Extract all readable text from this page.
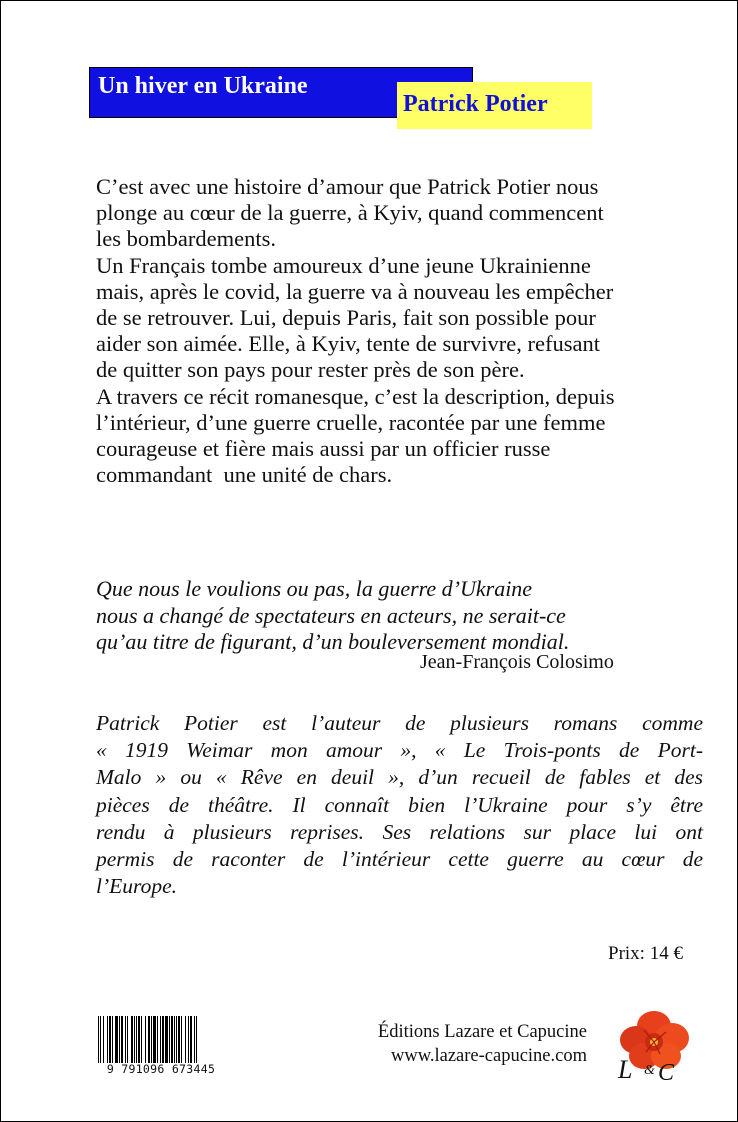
Un hiver en Ukraine
Patrick Potier
C’est avec une histoire d’amour que Patrick Potier nous
plonge au cœur de la guerre, à Kyiv, quand commencent
les bombardements.
Un Français tombe amoureux d’une jeune Ukrainienne
mais, après le covid, la guerre va à nouveau les empêcher
de se retrouver. Lui, depuis Paris, fait son possible pour
aider son aimée. Elle, à Kyiv, tente de survivre, refusant
de quitter son pays pour rester près de son père.
A travers ce récit romanesque, c’est la description, depuis
l’intérieur, d’une guerre cruelle, racontée par une femme
courageuse et fière mais aussi par un officier russe
commandant  une unité de chars.
Que nous le voulions ou pas, la guerre d’Ukraine
nous a changé de spectateurs en acteurs, ne serait-ce
qu’au titre de figurant, d’un bouleversement mondial.
Jean-François Colosimo
Patrick Potier est l’auteur de plusieurs romans comme
« 1919 Weimar mon amour », « Le Trois-ponts de Port-
Malo » ou « Rêve en deuil », d’un recueil de fables et des
pièces de théâtre. Il connaît bien l’Ukraine pour s’y être
rendu à plusieurs reprises. Ses relations sur place lui ont
permis de raconter de l’intérieur cette guerre au cœur de
l’Europe.
Prix: 14 €
9 791096 673445
Éditions Lazare et Capucine
www.lazare-capucine.com L & C
